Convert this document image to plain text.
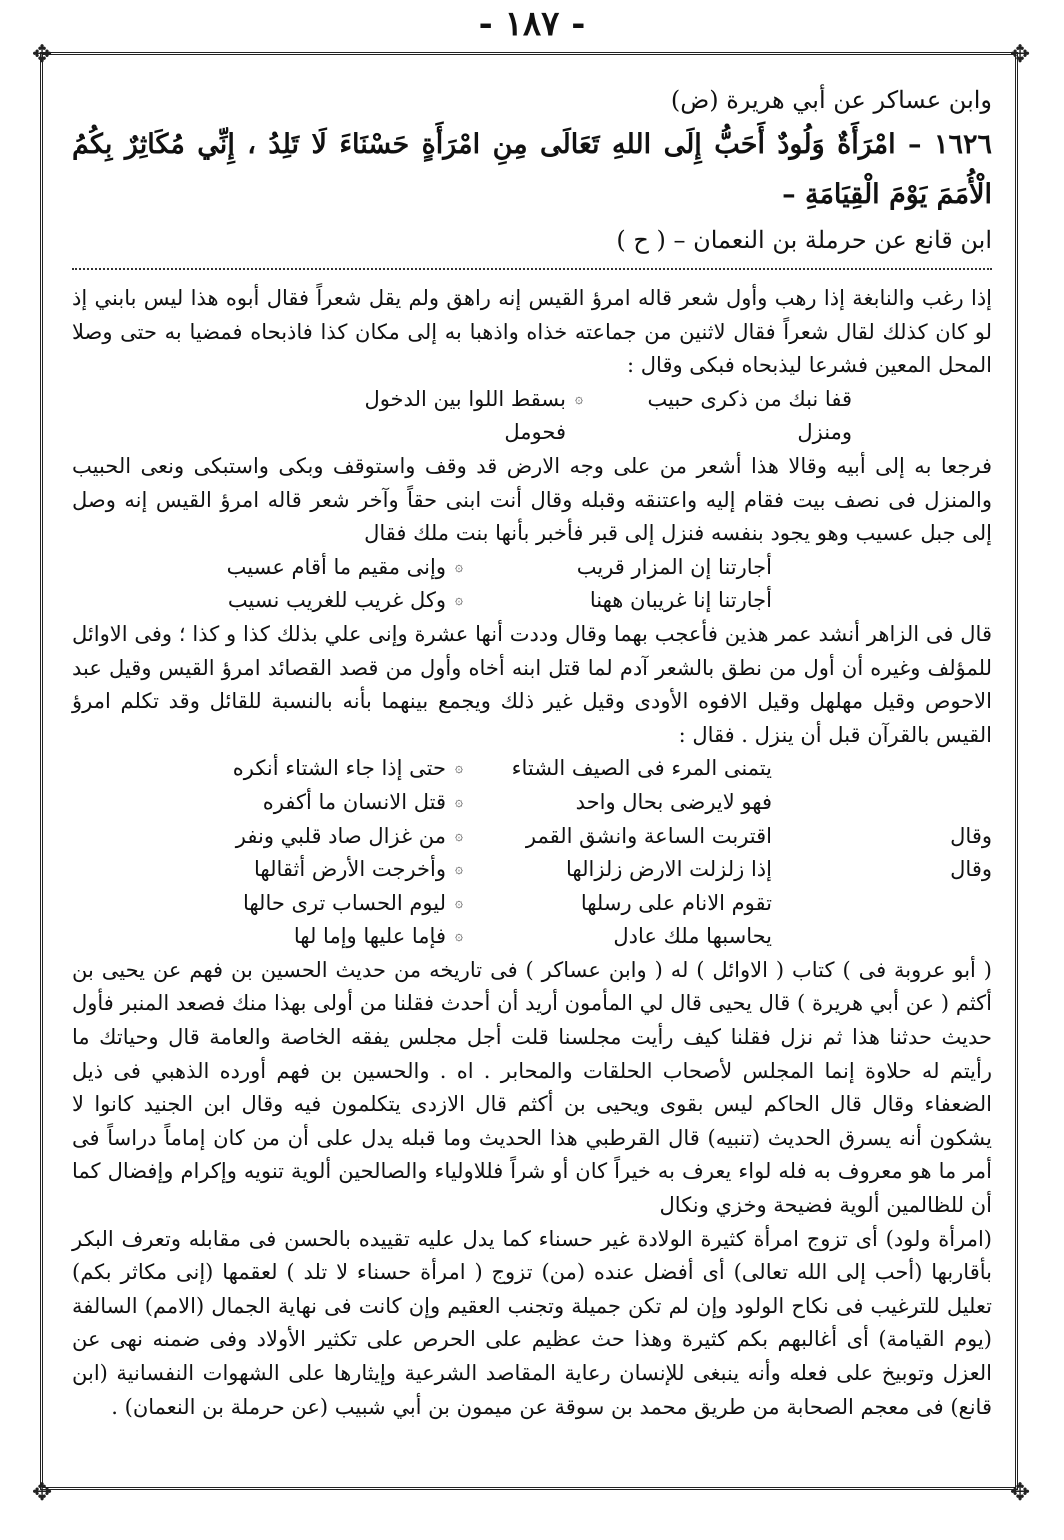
✥	✥
✥	✥
- ١٨٧ -

وابن عساكر عن أبي هريرة (ض)

١٦٢٦ – امْرَأَةٌ وَلُودٌ أَحَبُّ إِلَى اللهِ تَعَالَى مِنِ امْرَأَةٍ حَسْنَاءَ لَا تَلِدُ ، إِنِّي مُكَاثِرٌ بِكُمُ الْأُمَمَ يَوْمَ الْقِيَامَةِ –

ابن قانع عن حرملة بن النعمان – ( ح )

إذا رغب والنابغة إذا رهب وأول شعر قاله امرؤ القيس إنه راهق ولم يقل شعراً فقال أبوه هذا ليس بابني إذ لو كان كذلك لقال شعراً فقال لاثنين من جماعته خذاه واذهبا به إلى مكان كذا فاذبحاه فمضيا به حتى وصلا المحل المعين فشرعا ليذبحاه فبكى وقال :

قفا نبك من ذكرى حبيب ومنزل
۞
بسقط اللوا بين الدخول فحومل

فرجعا به إلى أبيه وقالا هذا أشعر من على وجه الارض قد وقف واستوقف وبكى واستبكى ونعى الحبيب والمنزل فى نصف بيت فقام إليه واعتنقه وقبله وقال أنت ابنى حقاً وآخر شعر قاله امرؤ القيس إنه وصل إلى جبل عسيب وهو يجود بنفسه فنزل إلى قبر فأخبر بأنها بنت ملك فقال

أجارتنا إن المزار قريب
۞
وإنى مقيم ما أقام عسيب
أجارتنا إنا غريبان ههنا
۞
وكل غريب للغريب نسيب

قال فى الزاهر أنشد عمر هذين فأعجب بهما وقال وددت أنها عشرة وإنى علي بذلك كذا و كذا ؛ وفى الاوائل للمؤلف وغيره أن أول من نطق بالشعر آدم لما قتل ابنه أخاه وأول من قصد القصائد امرؤ القيس وقيل عبد الاحوص وقيل مهلهل وقيل الافوه الأودى وقيل غير ذلك ويجمع بينهما بأنه بالنسبة للقائل وقد تكلم امرؤ القيس بالقرآن قبل أن ينزل . فقال :

يتمنى المرء فى الصيف الشتاء
۞
حتى إذا جاء الشتاء أنكره
فهو لايرضى بحال واحد
۞
قتل الانسان ما أكفره
وقال
اقتربت الساعة وانشق القمر
۞
من غزال صاد قلبي ونفر
وقال
إذا زلزلت الارض زلزالها
۞
وأخرجت الأرض أثقالها
تقوم الانام على رسلها
۞
ليوم الحساب ترى حالها
يحاسبها ملك عادل
۞
فإما عليها وإما لها

( أبو عروبة فى ) كتاب ( الاوائل ) له ( وابن عساكر ) فى تاريخه من حديث الحسين بن فهم عن يحيى بن أكثم ( عن أبي هريرة ) قال يحيى قال لي المأمون أريد أن أحدث فقلنا من أولى بهذا منك فصعد المنبر فأول حديث حدثنا هذا ثم نزل فقلنا كيف رأيت مجلسنا قلت أجل مجلس يفقه الخاصة والعامة قال وحياتك ما رأيتم له حلاوة إنما المجلس لأصحاب الحلقات والمحابر . اه . والحسين بن فهم أورده الذهبي فى ذيل الضعفاء وقال قال الحاكم ليس بقوى ويحيى بن أكثم قال الازدى يتكلمون فيه وقال ابن الجنيد كانوا لا يشكون أنه يسرق الحديث (تنبيه) قال القرطبي هذا الحديث وما قبله يدل على أن من كان إماماً دراساً فى أمر ما هو معروف به فله لواء يعرف به خيراً كان أو شراً فللاولياء والصالحين ألوية تنويه وإكرام وإفضال كما أن للظالمين ألوية فضيحة وخزي ونكال

(امرأة ولود) أى تزوج امرأة كثيرة الولادة غير حسناء كما يدل عليه تقييده بالحسن فى مقابله وتعرف البكر بأقاربها (أحب إلى الله تعالى) أى أفضل عنده (من) تزوج ( امرأة حسناء لا تلد ) لعقمها (إنى مكاثر بكم) تعليل للترغيب فى نكاح الولود وإن لم تكن جميلة وتجنب العقيم وإن كانت فى نهاية الجمال (الامم) السالفة (يوم القيامة) أى أغالبهم بكم كثيرة وهذا حث عظيم على الحرص على تكثير الأولاد وفى ضمنه نهى عن العزل وتوبيخ على فعله وأنه ينبغى للإنسان رعاية المقاصد الشرعية وإيثارها على الشهوات النفسانية (ابن قانع) فى معجم الصحابة من طريق محمد بن سوقة عن ميمون بن أبي شبيب (عن حرملة بن النعمان) .
